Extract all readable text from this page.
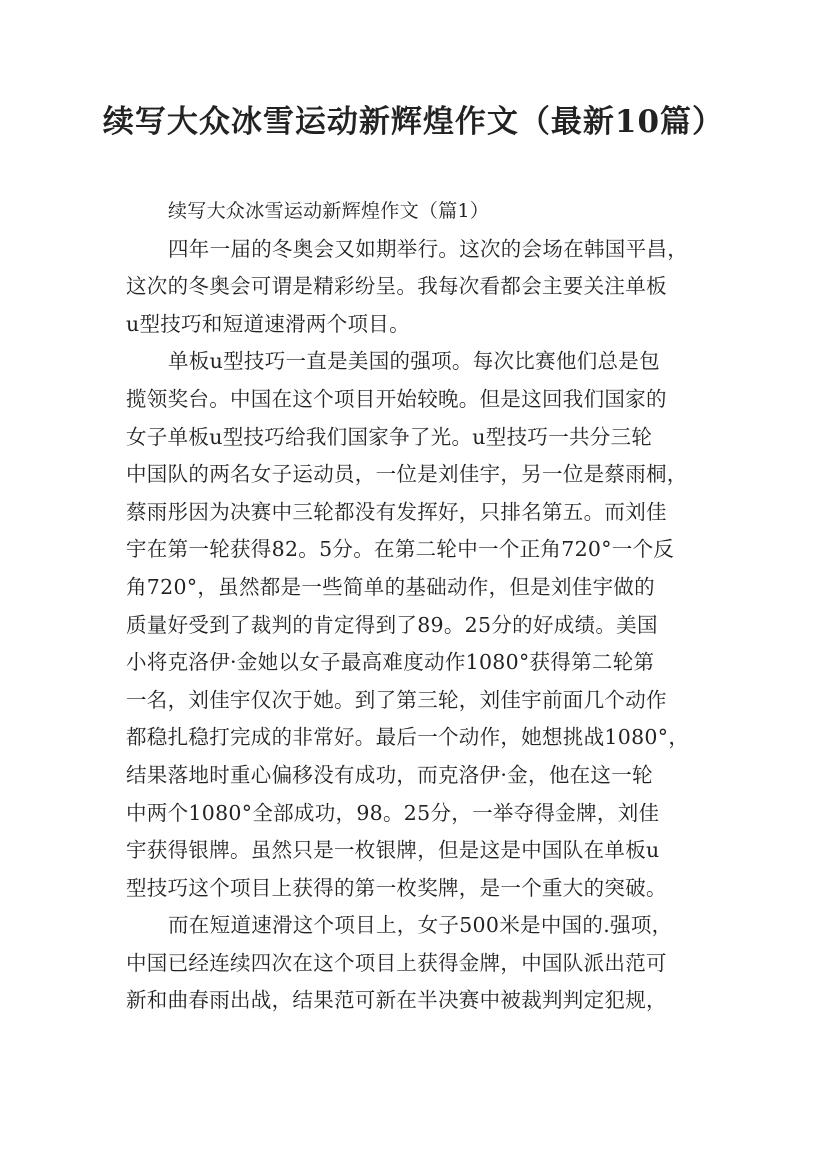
续写大众冰雪运动新辉煌作文（最新10篇）
续写大众冰雪运动新辉煌作文（篇1）
四年一届的冬奥会又如期举行。这次的会场在韩国平昌，
这次的冬奥会可谓是精彩纷呈。我每次看都会主要关注单板
u型技巧和短道速滑两个项目。
单板u型技巧一直是美国的强项。每次比赛他们总是包
揽领奖台。中国在这个项目开始较晚。但是这回我们国家的
女子单板u型技巧给我们国家争了光。u型技巧一共分三轮
中国队的两名女子运动员，一位是刘佳宇，另一位是蔡雨桐，
蔡雨彤因为决赛中三轮都没有发挥好，只排名第五。而刘佳
宇在第一轮获得82。5分。在第二轮中一个正角720°一个反
角720°，虽然都是一些简单的基础动作，但是刘佳宇做的
质量好受到了裁判的肯定得到了89。25分的好成绩。美国
小将克洛伊·金她以女子最高难度动作1080°获得第二轮第
一名，刘佳宇仅次于她。到了第三轮，刘佳宇前面几个动作
都稳扎稳打完成的非常好。最后一个动作，她想挑战1080°，
结果落地时重心偏移没有成功，而克洛伊·金，他在这一轮
中两个1080°全部成功，98。25分，一举夺得金牌，刘佳
宇获得银牌。虽然只是一枚银牌，但是这是中国队在单板u
型技巧这个项目上获得的第一枚奖牌，是一个重大的突破。
而在短道速滑这个项目上，女子500米是中国的.强项，
中国已经连续四次在这个项目上获得金牌，中国队派出范可
新和曲春雨出战，结果范可新在半决赛中被裁判判定犯规，
